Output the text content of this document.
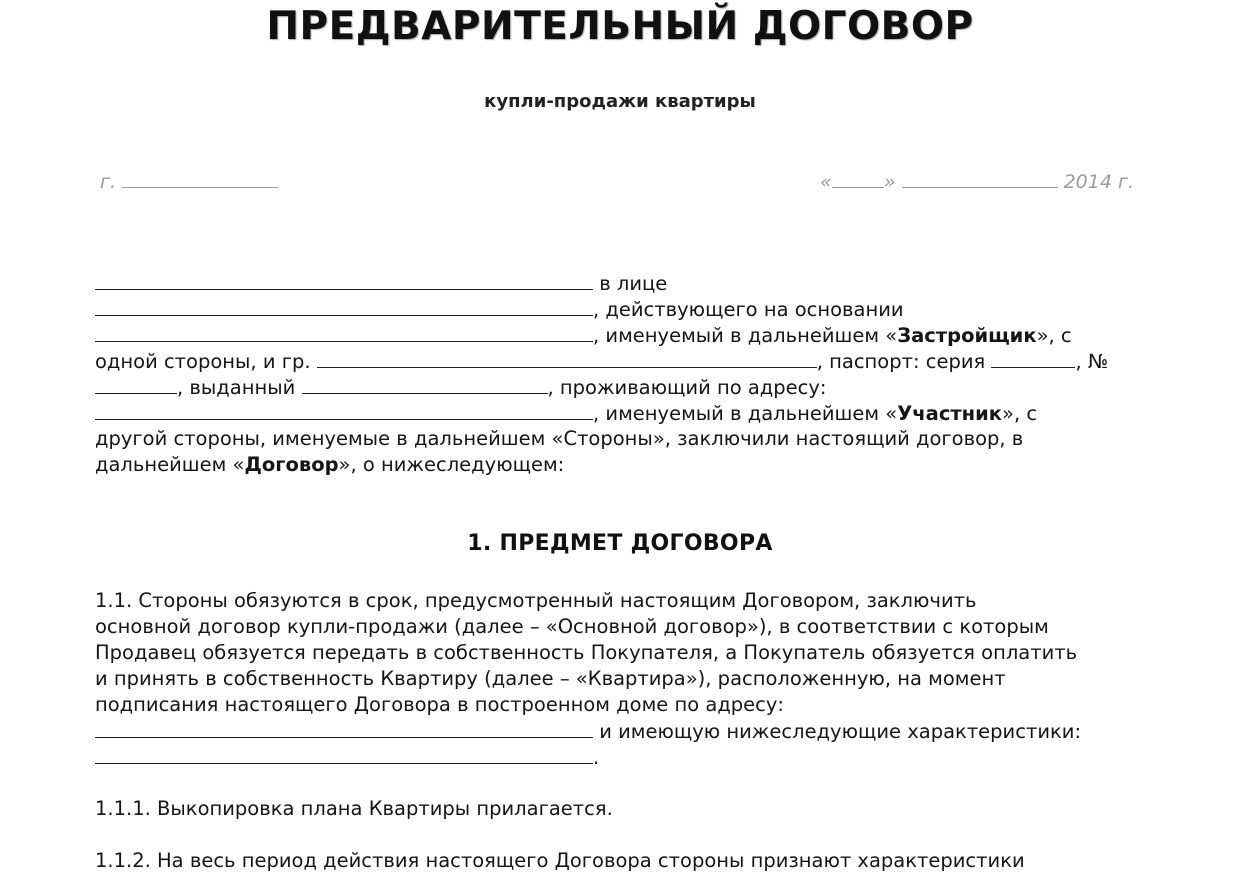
ПРЕДВАРИТЕЛЬНЫЙ ДОГОВОР
купли-продажи квартиры
г.	«	»	2014 г.
в лице
, действующего на основании
, именуемый в дальнейшем «Застройщик», с
одной стороны, и гр.	, паспорт: серия	, №
, выданный	, проживающий по адресу:
, именуемый в дальнейшем «Участник», с
другой стороны, именуемые в дальнейшем «Стороны», заключили настоящий договор, в
дальнейшем «Договор», о нижеследующем:
1. ПРЕДМЕТ ДОГОВОРА
1.1. Стороны обязуются в срок, предусмотренный настоящим Договором, заключить
основной договор купли-продажи (далее – «Основной договор»), в соответствии с которым
Продавец обязуется передать в собственность Покупателя, а Покупатель обязуется оплатить
и принять в собственность Квартиру (далее – «Квартира»), расположенную, на момент
подписания настоящего Договора в построенном доме по адресу:
и имеющую нижеследующие характеристики:
.
1.1.1. Выкопировка плана Квартиры прилагается.
1.1.2. На весь период действия настоящего Договора стороны признают характеристики
